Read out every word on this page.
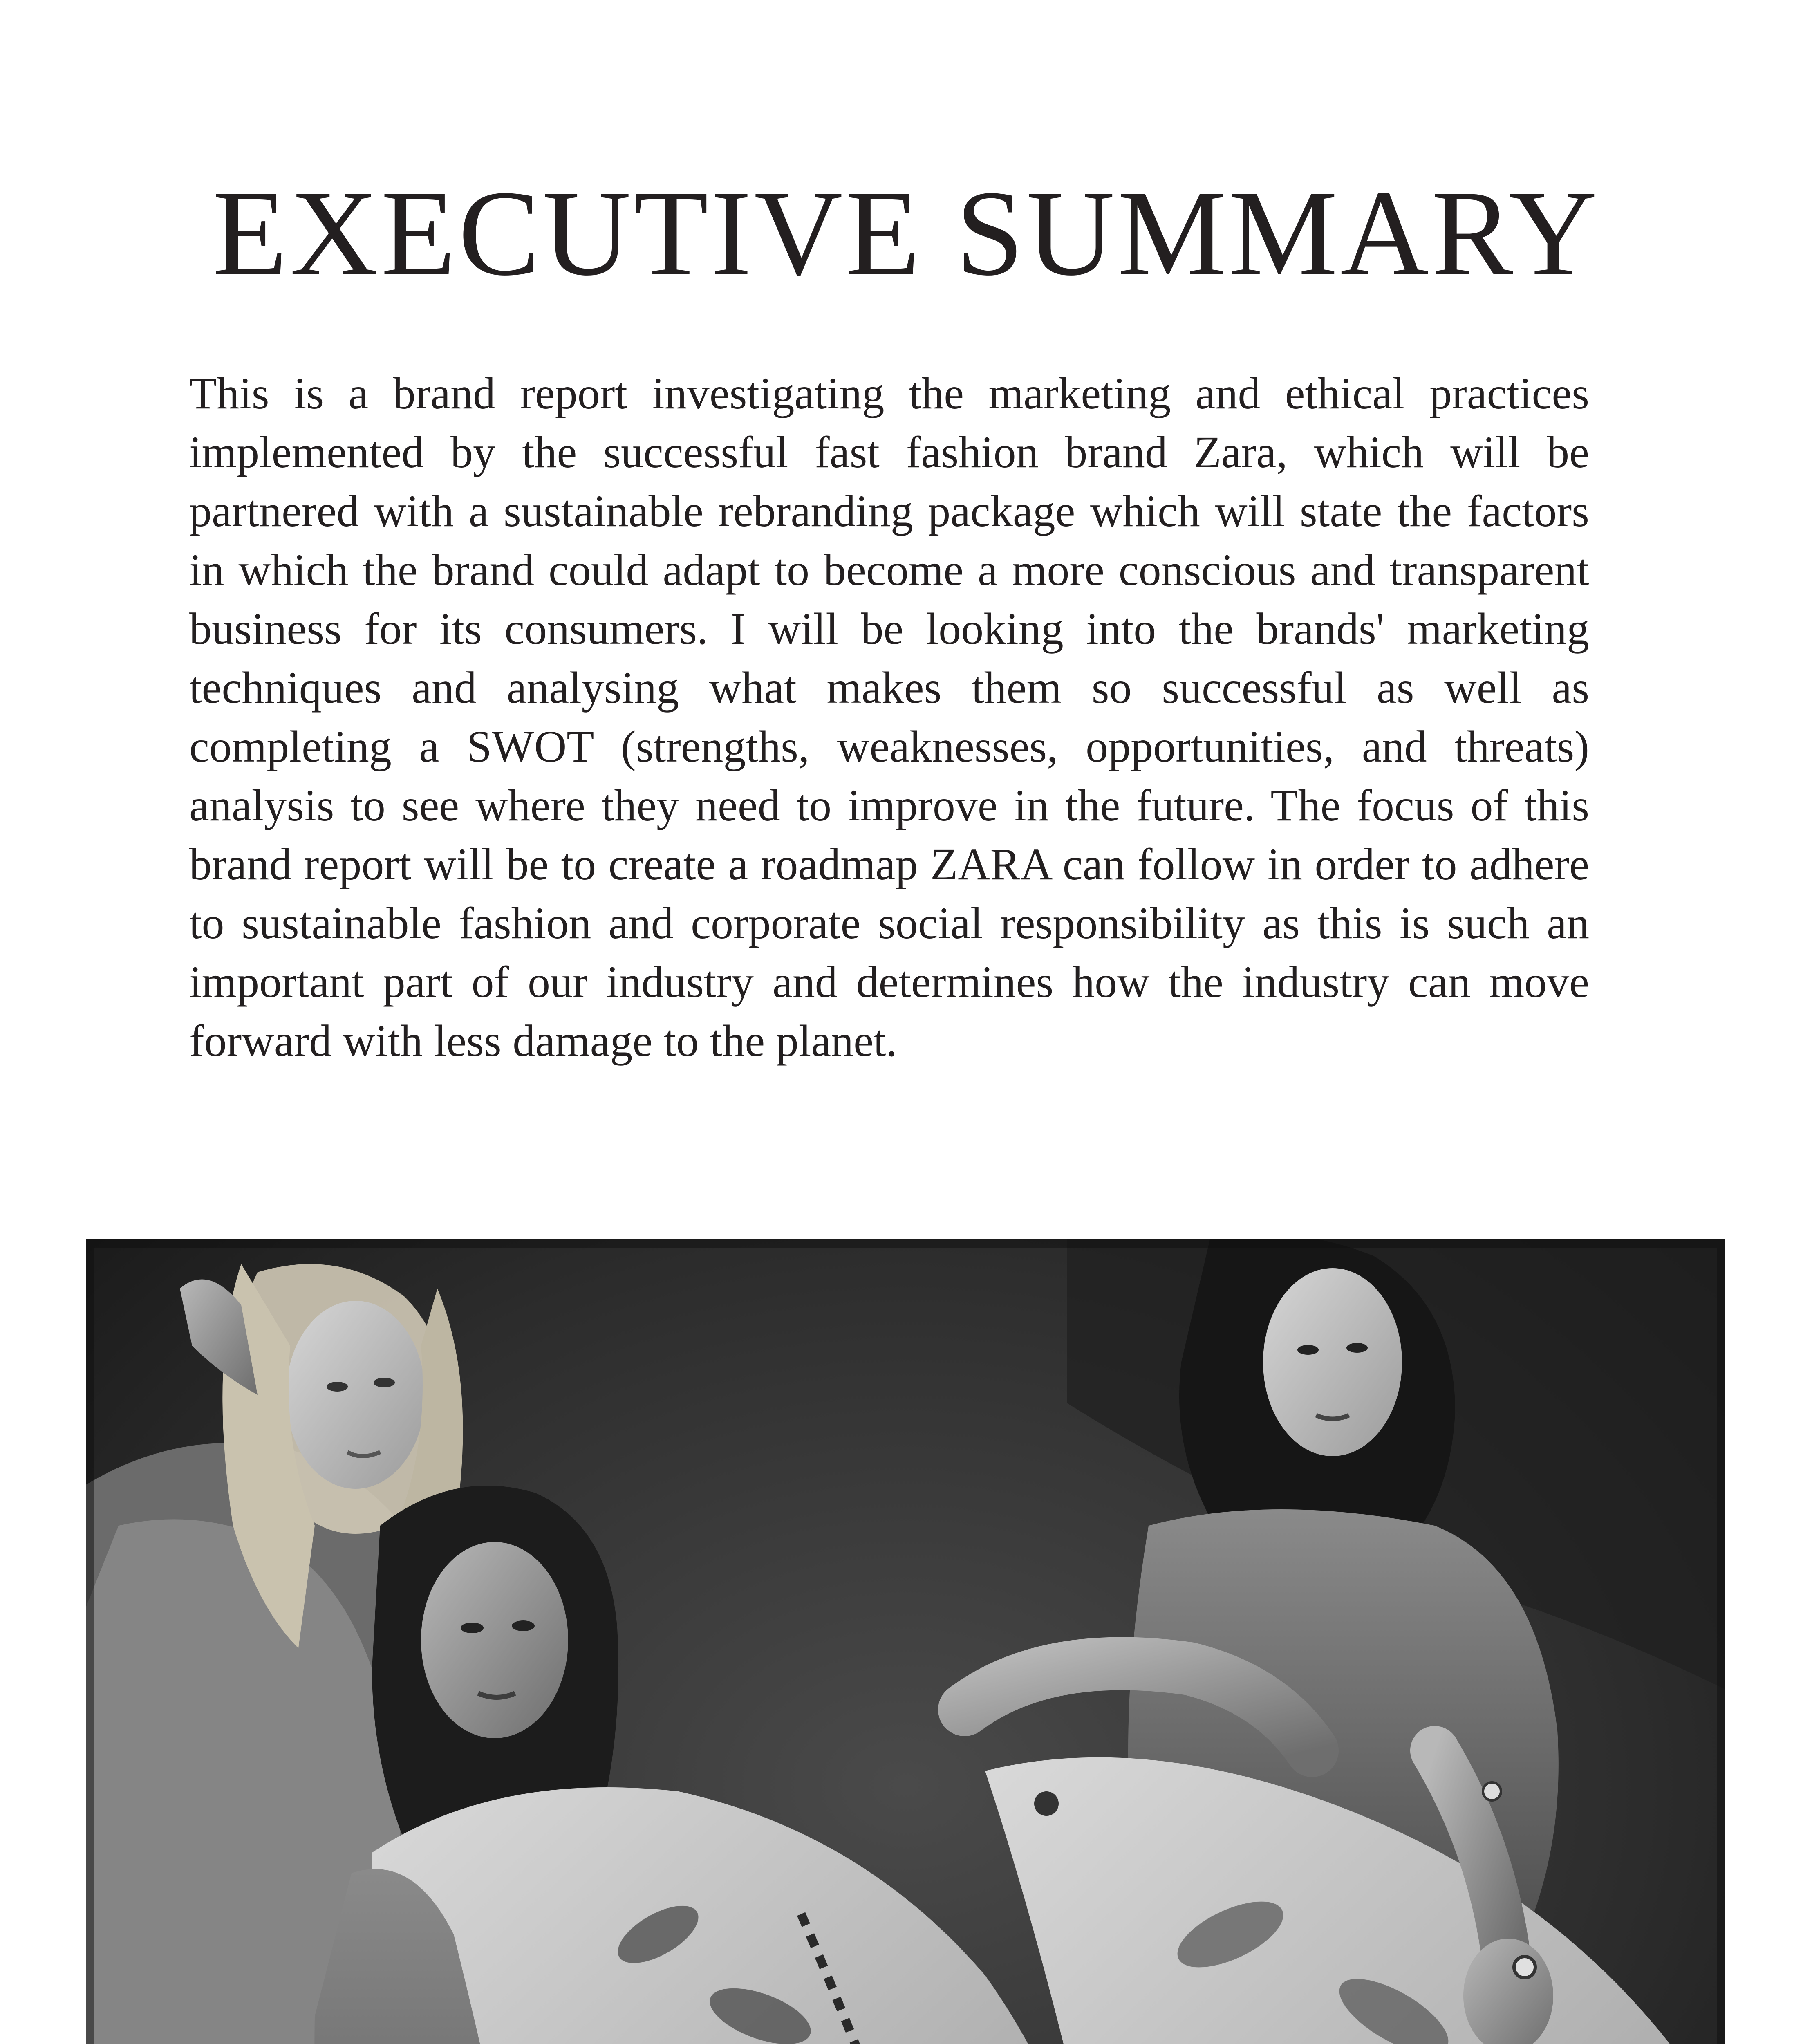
EXECUTIVE SUMMARY

This is a brand report investigating the marketing and ethical practices implemented by the successful fast fashion brand Zara, which will be partnered with a sustainable rebranding package which will state the factors in which the brand could adapt to become a more conscious and transparent business for its consumers. I will be looking into the brands' marketing techniques and analysing what makes them so successful as well as completing a SWOT (strengths, weaknesses, opportunities, and threats) analysis to see where they need to improve in the future. The focus of this brand report will be to create a roadmap ZARA can follow in order to adhere to sustainable fashion and corporate social responsibility as this is such an important part of our industry and determines how the industry can move forward with less damage to the planet.
